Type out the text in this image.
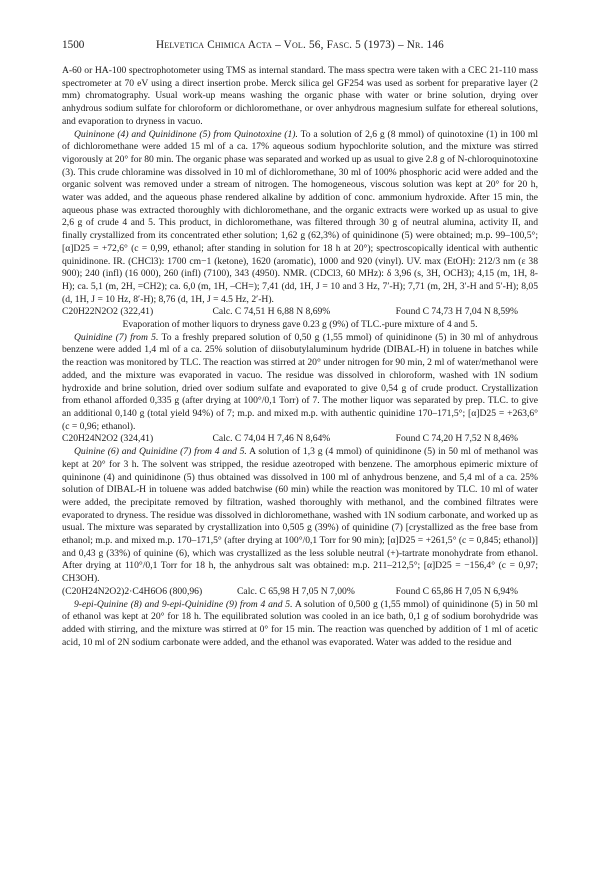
1500	Helvetica Chimica Acta – Vol. 56, Fasc. 5 (1973) – Nr. 146

A-60 or HA-100 spectrophotometer using TMS as internal standard. The mass spectra were taken with a CEC 21-110 mass spectrometer at 70 eV using a direct insertion probe. Merck silica gel GF254 was used as sorbent for preparative layer (2 mm) chromatography. Usual work-up means washing the organic phase with water or brine solution, drying over anhydrous sodium sulfate for chloroform or dichloromethane, or over anhydrous magnesium sulfate for ethereal solutions, and evaporation to dryness in vacuo.

Quininone (4) and Quinidinone (5) from Quinotoxine (1). To a solution of 2,6 g (8 mmol) of quinotoxine (1) in 100 ml of dichloromethane were added 15 ml of a ca. 17% aqueous sodium hypochlorite solution, and the mixture was stirred vigorously at 20° for 80 min. The organic phase was separated and worked up as usual to give 2.8 g of N-chloroquinotoxine (3). This crude chloramine was dissolved in 10 ml of dichloromethane, 30 ml of 100% phosphoric acid were added and the organic solvent was removed under a stream of nitrogen. The homogeneous, viscous solution was kept at 20° for 20 h, water was added, and the aqueous phase rendered alkaline by addition of conc. ammonium hydroxide. After 15 min, the aqueous phase was extracted thoroughly with dichloromethane, and the organic extracts were worked up as usual to give 2,6 g of crude 4 and 5. This product, in dichloromethane, was filtered through 30 g of neutral alumina, activity II, and finally crystallized from its concentrated ether solution; 1,62 g (62,3%) of quinidinone (5) were obtained; m.p. 99–100,5°; [α]D25 = +72,6° (c = 0,99, ethanol; after standing in solution for 18 h at 20°); spectroscopically identical with authentic quinidinone. IR. (CHCl3): 1700 cm−1 (ketone), 1620 (aromatic), 1000 and 920 (vinyl). UV. max (EtOH): 212/3 nm (ε 38 900); 240 (infl) (16 000), 260 (infl) (7100), 343 (4950). NMR. (CDCl3, 60 MHz): δ 3,96 (s, 3H, OCH3); 4,15 (m, 1H, 8-H); ca. 5,1 (m, 2H, =CH2); ca. 6,0 (m, 1H, –CH=); 7,41 (dd, 1H, J = 10 and 3 Hz, 7′-H); 7,71 (m, 2H, 3′-H and 5′-H); 8,05 (d, 1H, J = 10 Hz, 8′-H); 8,76 (d, 1H, J = 4.5 Hz, 2′-H).

C20H22N2O2 (322,41)	Calc. C 74,51 H 6,88 N 8,69%	Found C 74,73 H 7,04 N 8,59%

Evaporation of mother liquors to dryness gave 0.23 g (9%) of TLC.-pure mixture of 4 and 5.

Quinidine (7) from 5. To a freshly prepared solution of 0,50 g (1,55 mmol) of quinidinone (5) in 30 ml of anhydrous benzene were added 1,4 ml of a ca. 25% solution of diisobutylaluminum hydride (DIBAL-H) in toluene in batches while the reaction was monitored by TLC. The reaction was stirred at 20° under nitrogen for 90 min, 2 ml of water/methanol were added, and the mixture was evaporated in vacuo. The residue was dissolved in chloroform, washed with 1N sodium hydroxide and brine solution, dried over sodium sulfate and evaporated to give 0,54 g of crude product. Crystallization from ethanol afforded 0,335 g (after drying at 100°/0,1 Torr) of 7. The mother liquor was separated by prep. TLC. to give an additional 0,140 g (total yield 94%) of 7; m.p. and mixed m.p. with authentic quinidine 170–171,5°; [α]D25 = +263,6° (c = 0,96; ethanol).

C20H24N2O2 (324,41)	Calc. C 74,04 H 7,46 N 8,64%	Found C 74,20 H 7,52 N 8,46%

Quinine (6) and Quinidine (7) from 4 and 5. A solution of 1,3 g (4 mmol) of quinidinone (5) in 50 ml of methanol was kept at 20° for 3 h. The solvent was stripped, the residue azeotroped with benzene. The amorphous epimeric mixture of quininone (4) and quinidinone (5) thus obtained was dissolved in 100 ml of anhydrous benzene, and 5,4 ml of a ca. 25% solution of DIBAL-H in toluene was added batchwise (60 min) while the reaction was monitored by TLC. 10 ml of water were added, the precipitate removed by filtration, washed thoroughly with methanol, and the combined filtrates were evaporated to dryness. The residue was dissolved in dichloromethane, washed with 1N sodium carbonate, and worked up as usual. The mixture was separated by crystallization into 0,505 g (39%) of quinidine (7) [crystallized as the free base from ethanol; m.p. and mixed m.p. 170–171,5° (after drying at 100°/0,1 Torr for 90 min); [α]D25 = +261,5° (c = 0,845; ethanol)] and 0,43 g (33%) of quinine (6), which was crystallized as the less soluble neutral (+)-tartrate monohydrate from ethanol. After drying at 110°/0,1 Torr for 18 h, the anhydrous salt was obtained: m.p. 211–212,5°; [α]D25 = −156,4° (c = 0,97; CH3OH).

(C20H24N2O2)2·C4H6O6 (800,96)	Calc. C 65,98 H 7,05 N 7,00%	Found C 65,86 H 7,05 N 6,94%

9-epi-Quinine (8) and 9-epi-Quinidine (9) from 4 and 5. A solution of 0,500 g (1,55 mmol) of quinidinone (5) in 50 ml of ethanol was kept at 20° for 18 h. The equilibrated solution was cooled in an ice bath, 0,1 g of sodium borohydride was added with stirring, and the mixture was stirred at 0° for 15 min. The reaction was quenched by addition of 1 ml of acetic acid, 10 ml of 2N sodium carbonate were added, and the ethanol was evaporated. Water was added to the residue and
